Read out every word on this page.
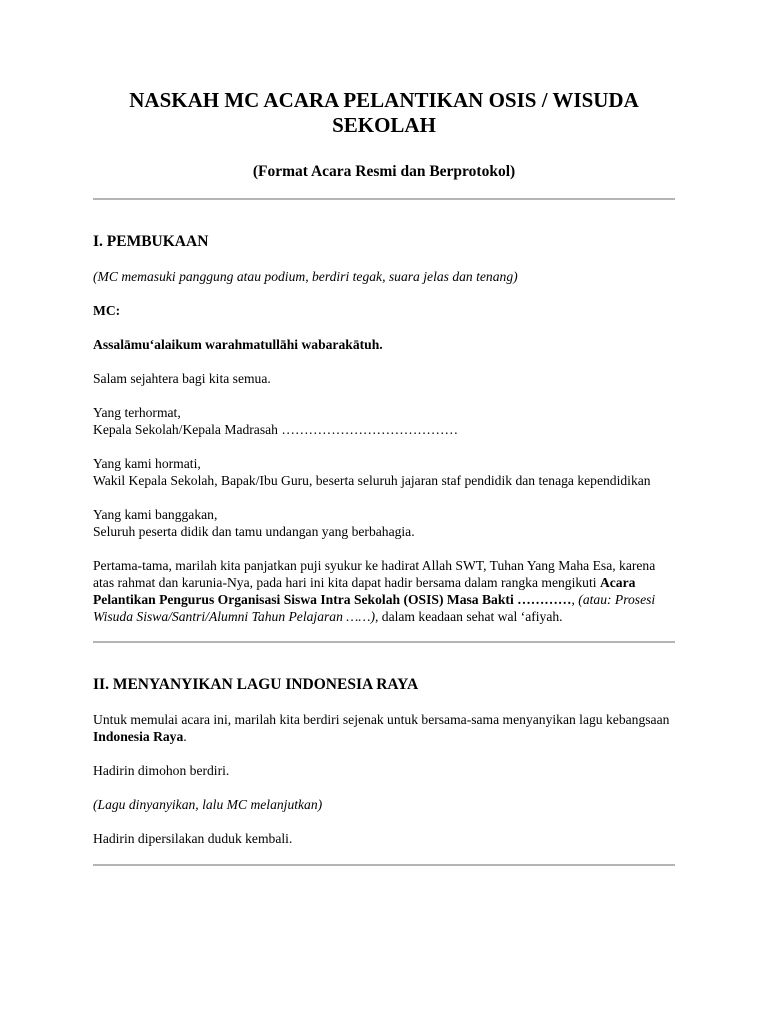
NASKAH MC ACARA PELANTIKAN OSIS / WISUDA SEKOLAH
(Format Acara Resmi dan Berprotokol)
I. PEMBUKAAN

(MC memasuki panggung atau podium, berdiri tegak, suara jelas dan tenang)

MC:

Assalāmu‘alaikum warahmatullāhi wabarakātuh.

Salam sejahtera bagi kita semua.

Yang terhormat,
Kepala Sekolah/Kepala Madrasah …………………………………

Yang kami hormati,
Wakil Kepala Sekolah, Bapak/Ibu Guru, beserta seluruh jajaran staf pendidik dan tenaga kependidikan

Yang kami banggakan,
Seluruh peserta didik dan tamu undangan yang berbahagia.

Pertama-tama, marilah kita panjatkan puji syukur ke hadirat Allah SWT, Tuhan Yang Maha Esa, karena atas rahmat dan karunia-Nya, pada hari ini kita dapat hadir bersama dalam rangka mengikuti Acara Pelantikan Pengurus Organisasi Siswa Intra Sekolah (OSIS) Masa Bakti …………, (atau: Prosesi Wisuda Siswa/Santri/Alumni Tahun Pelajaran ……), dalam keadaan sehat wal ‘afiyah.

II. MENYANYIKAN LAGU INDONESIA RAYA

Untuk memulai acara ini, marilah kita berdiri sejenak untuk bersama-sama menyanyikan lagu kebangsaan Indonesia Raya.

Hadirin dimohon berdiri.

(Lagu dinyanyikan, lalu MC melanjutkan)

Hadirin dipersilakan duduk kembali.
